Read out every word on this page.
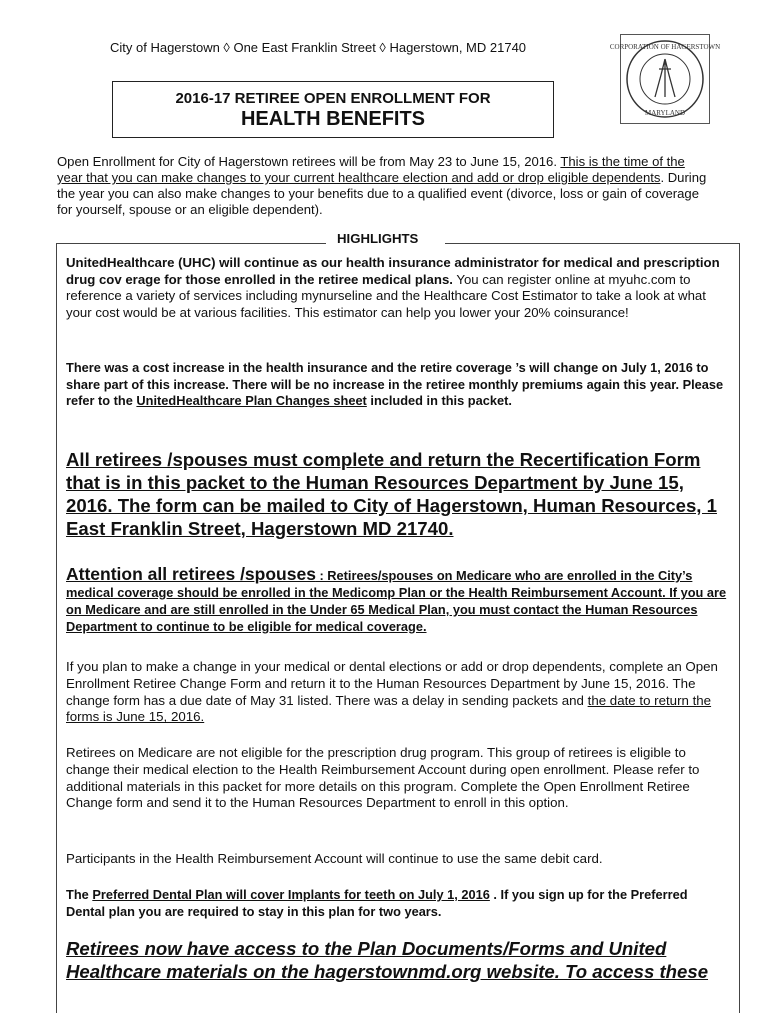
City of Hagerstown ◊ One East Franklin Street ◊ Hagerstown, MD 21740
2016-17 RETIREE OPEN ENROLLMENT FOR
HEALTH BENEFITS
CORPORATION OF HAGERSTOWN
MARYLAND
Open Enrollment for City of Hagerstown retirees will be from May 23 to June 15, 2016. This is the time of the year that you can make changes to your current healthcare election and add or drop eligible dependents. During the year you can also make changes to your benefits due to a qualified event (divorce, loss or gain of coverage for yourself, spouse or an eligible dependent).
HIGHLIGHTS
UnitedHealthcare (UHC) will continue as our health insurance administrator for medical and prescription drug cov erage for those enrolled in the retiree medical plans. You can register online at myuhc.com to reference a variety of services including mynurseline and the Healthcare Cost Estimator to take a look at what your cost would be at various facilities. This estimator can help you lower your 20% coinsurance!
There was a cost increase in the health insurance and the retire coverage ’s will change on July 1, 2016 to share part of this increase. There will be no increase in the retiree monthly premiums again this year. Please refer to the UnitedHealthcare Plan Changes sheet included in this packet.
All retirees /spouses must complete and return the Recertification Form that is in this packet to the Human Resources Department by June 15, 2016. The form can be mailed to City of Hagerstown, Human Resources, 1 East Franklin Street, Hagerstown MD 21740.
Attention all retirees /spouses : Retirees/spouses on Medicare who are enrolled in the City’s medical coverage should be enrolled in the Medicomp Plan or the Health Reimbursement Account. If you are on Medicare and are still enrolled in the Under 65 Medical Plan, you must contact the Human Resources Department to continue to be eligible for medical coverage.
If you plan to make a change in your medical or dental elections or add or drop dependents, complete an Open Enrollment Retiree Change Form and return it to the Human Resources Department by June 15, 2016. The change form has a due date of May 31 listed. There was a delay in sending packets and the date to return the forms is June 15, 2016.
Retirees on Medicare are not eligible for the prescription drug program. This group of retirees is eligible to change their medical election to the Health Reimbursement Account during open enrollment. Please refer to additional materials in this packet for more details on this program. Complete the Open Enrollment Retiree Change form and send it to the Human Resources Department to enroll in this option.
Participants in the Health Reimbursement Account will continue to use the same debit card.
The Preferred Dental Plan will cover Implants for teeth on July 1, 2016 . If you sign up for the Preferred Dental plan you are required to stay in this plan for two years.
Retirees now have access to the Plan Documents/Forms and United Healthcare materials on the hagerstownmd.org website. To access these
